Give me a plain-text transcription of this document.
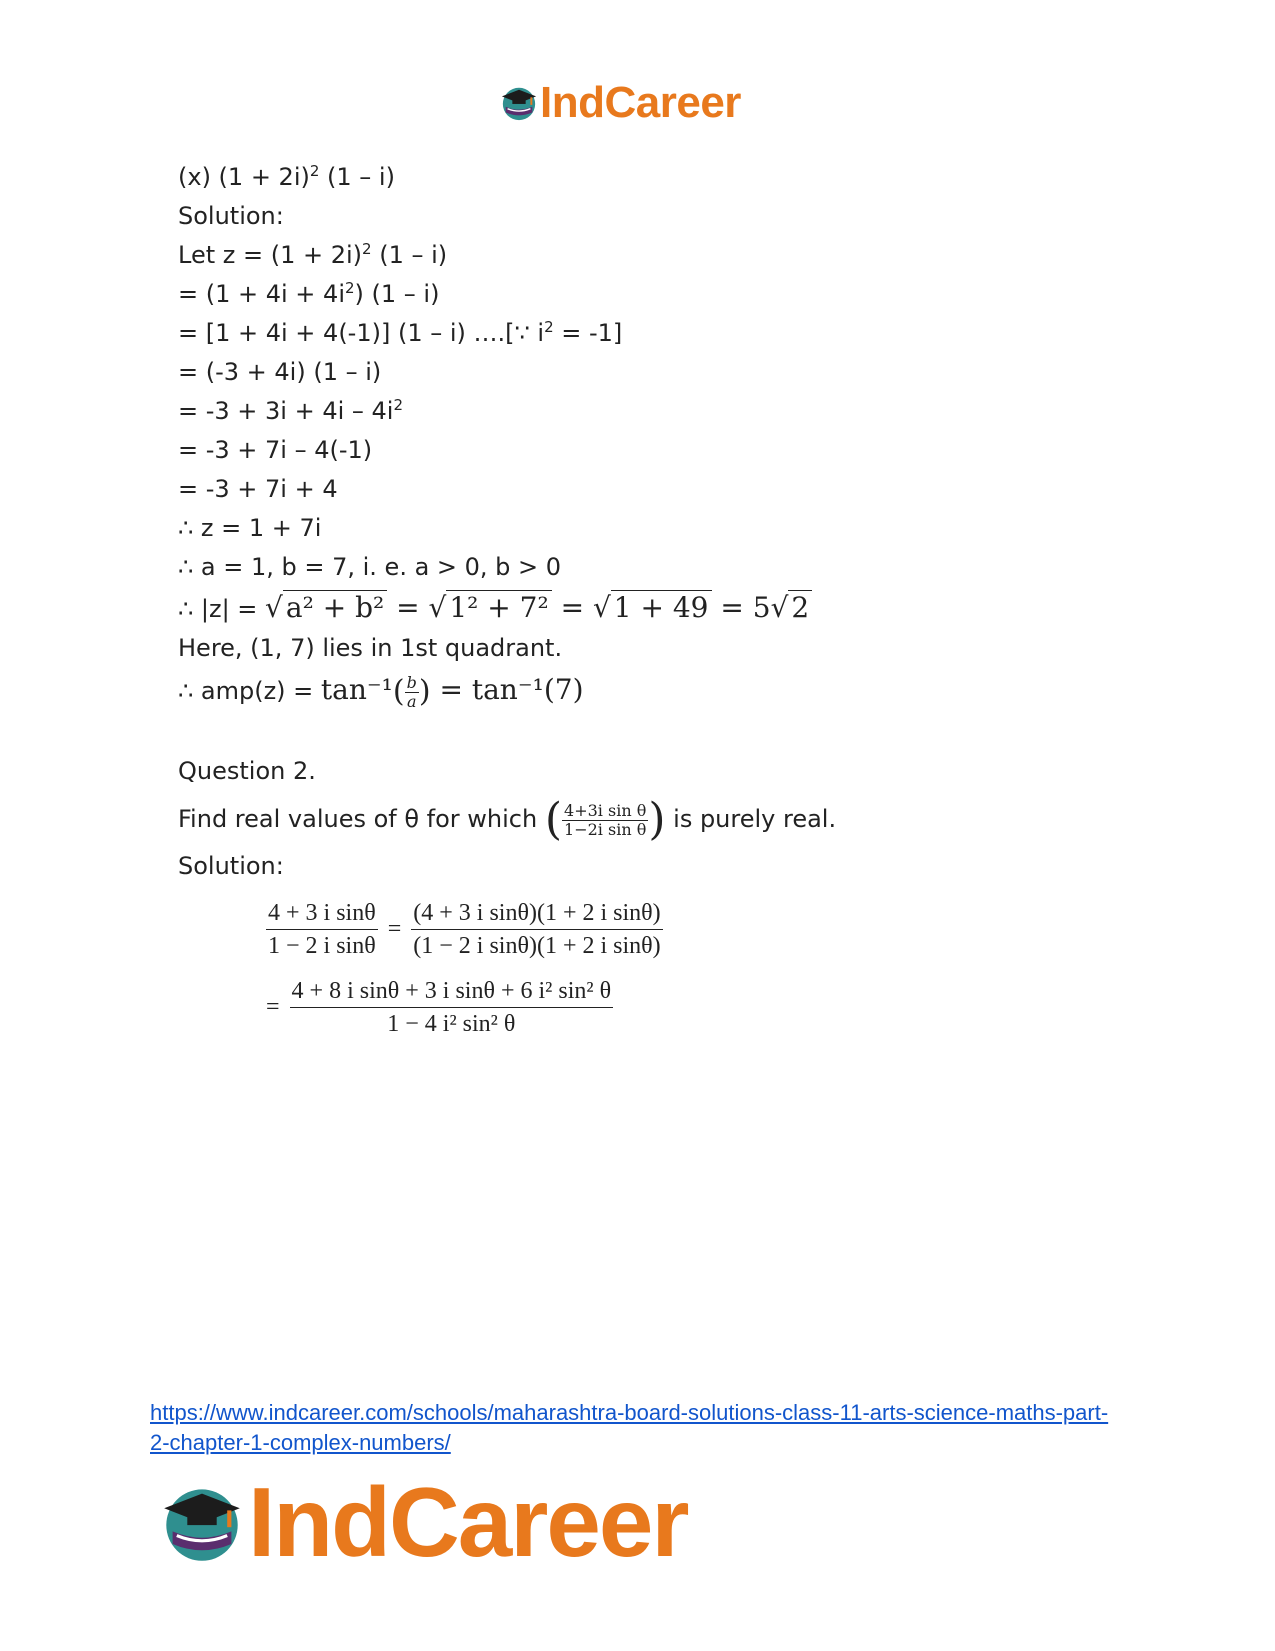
IndCareer
(x) $(1 + 2i)^2$ (1 – i)
Solution:
Let $z = (1 + 2i)^2$ (1 – i)
= $(1 + 4i + 4i^2)$ (1 – i)
= [1 + 4i + 4(-1)] (1 – i) ….[∵ $i^2 = -1$]
= (-3 + 4i) (1 – i)
= $-3 + 3i + 4i - 4i^2$
= -3 + 7i – 4(-1)
= -3 + 7i + 4
∴ z = 1 + 7i
∴ a = 1, b = 7, i. e. a > 0, b > 0
∴ |z| = √ a² + b² = √ 1² + 7² = √ 1 + 49 = 5√ 2
Here, (1, 7) lies in 1st quadrant.
∴ $amp(z) = \tan^{-1}( \frac{b}{a}$ ) = tan⁻¹(7)
Question 2.
Find real values of θ for which ( $\frac{\text{4+3i sin θ}}{\text{1−2i sin θ}}$ ) is purely real.
Solution:
$\frac{\text{4 + 3 i sinθ}}{\text{1 − 2 i sinθ}} = \frac{\text{(4 + 3 i sinθ)(1 + 2 i sinθ)}}{\text{(1 − 2 i sinθ)(1 + 2 i sinθ)}}$
= $\frac{\text{4 + 8 i sinθ + 3 i sinθ + 6 i² sin² θ}}{\text{1 − 4 i² sin² θ}}$
https://www.indcareer.com/schools/maharashtra-board-solutions-class-11-arts-science-maths-part-2-chapter-1-complex-numbers/
IndCareer
